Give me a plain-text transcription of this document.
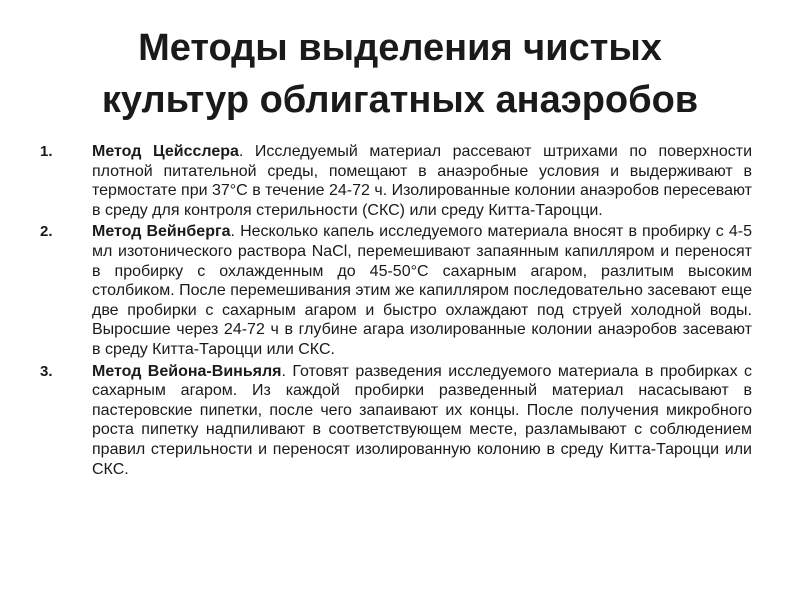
Методы выделения чистых
культур облигатных анаэробов
1. Метод Цейсслера. Исследуемый материал рассевают штрихами по поверхности плотной питательной среды, помещают в анаэробные условия и выдерживают в термостате при 37°С в течение 24-72 ч. Изолированные колонии анаэробов пересевают в среду для контроля стерильности (СКС) или среду Китта-Тароцци.
2. Метод Вейнберга. Несколько капель исследуемого материала вносят в пробирку с 4-5 мл изотонического раствора NaCl, перемешивают запаянным капилляром и переносят в пробирку с охлажденным до 45-50°С сахарным агаром, разлитым высоким столбиком. После перемешивания этим же капилляром последовательно засевают еще две пробирки с сахарным агаром и быстро охлаждают под струей холодной воды. Выросшие через 24-72 ч в глубине агара изолированные колонии анаэробов засевают в среду Китта-Тароцци или СКС.
3. Метод Вейона-Виньяля. Готовят разведения исследуемого материала в пробирках с сахарным агаром. Из каждой пробирки разведенный материал насасывают в пастеровские пипетки, после чего запаивают их концы. После получения микробного роста пипетку надпиливают в соответствующем месте, разламывают с соблюдением правил стерильности и переносят изолированную колонию в среду Китта-Тароцци или СКС.
